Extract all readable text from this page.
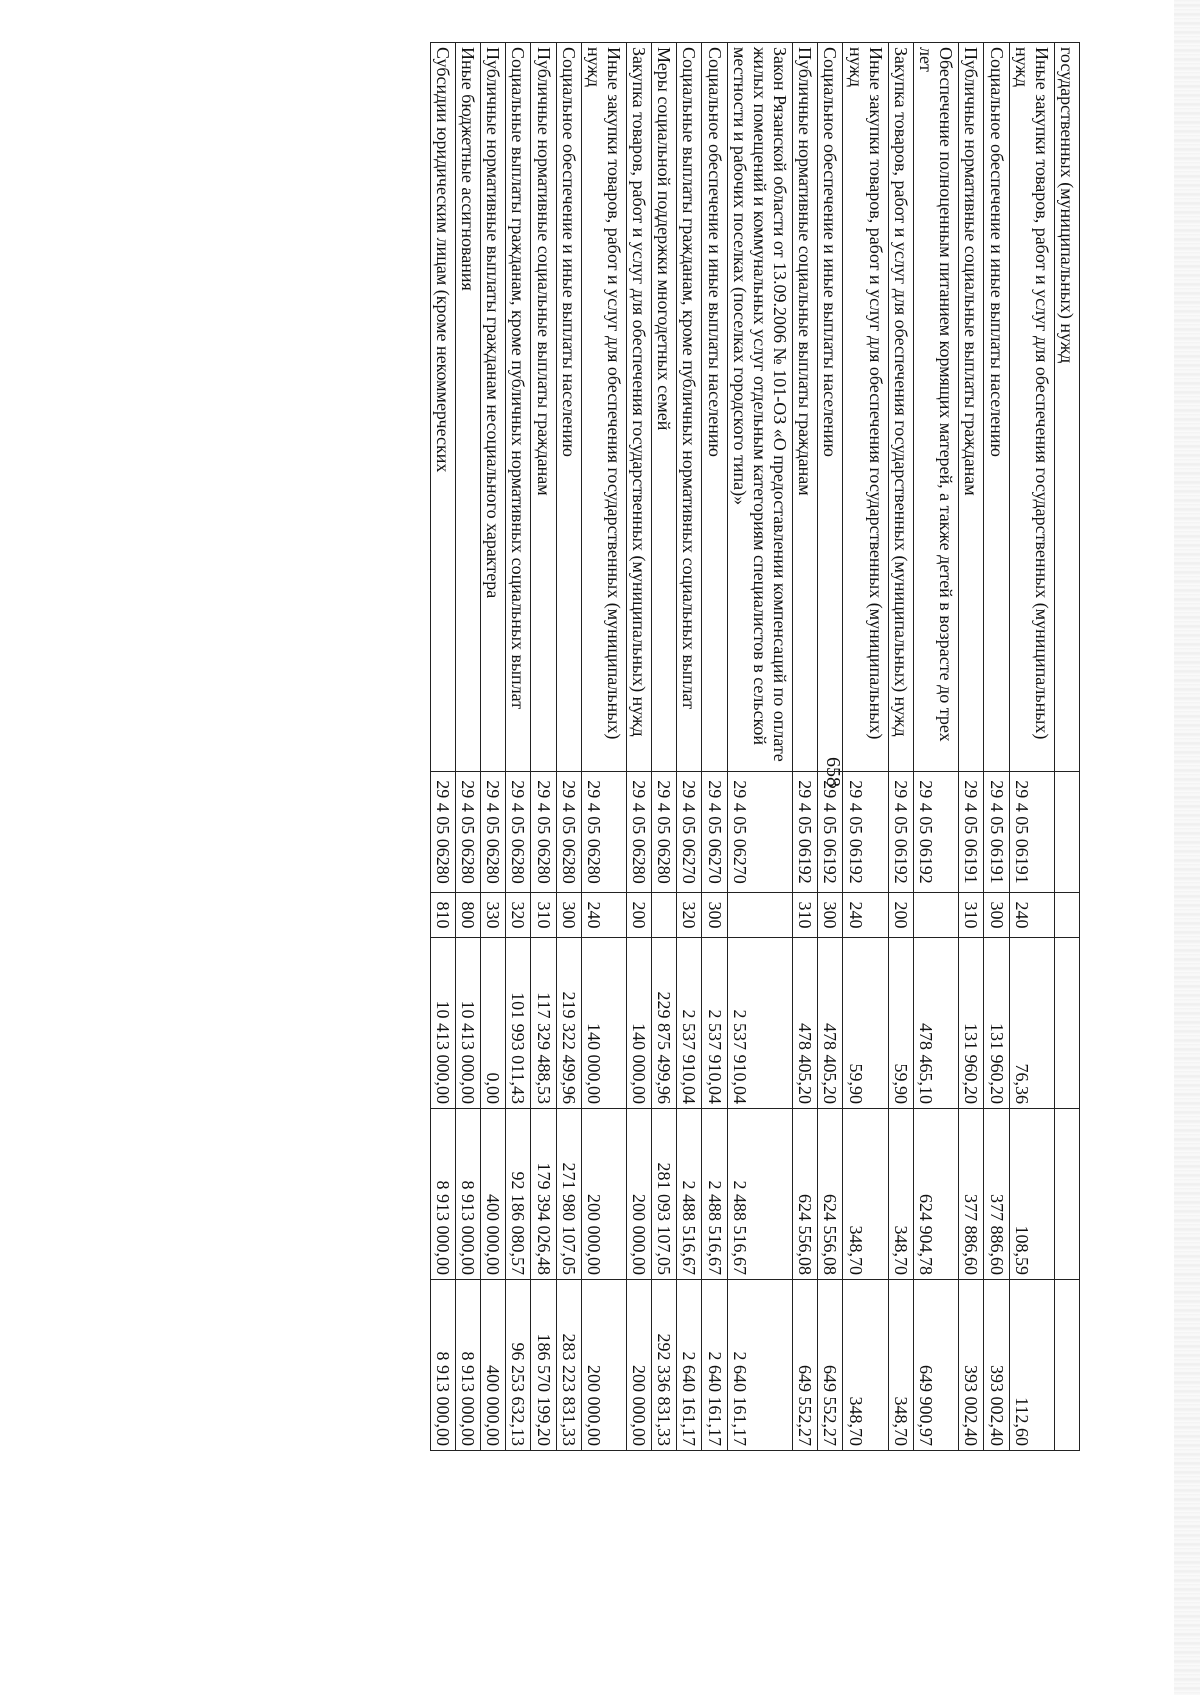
658
государственных (муниципальных) нужд					
Иные закупки товаров, работ и услуг для обеспечения государственных (муниципальных) нужд	29 4 05 06191	240	76,36	108,59	112,60
Социальное обеспечение и иные выплаты населению	29 4 05 06191	300	131 960,20	377 886,60	393 002,40
Публичные нормативные социальные выплаты гражданам	29 4 05 06191	310	131 960,20	377 886,60	393 002,40
Обеспечение полноценным питанием кормящих матерей, а также детей в возрасте до трех лет	29 4 05 06192		478 465,10	624 904,78	649 900,97
Закупка товаров, работ и услуг для обеспечения государственных (муниципальных) нужд	29 4 05 06192	200	59,90	348,70	348,70
Иные закупки товаров, работ и услуг для обеспечения государственных (муниципальных) нужд	29 4 05 06192	240	59,90	348,70	348,70
Социальное обеспечение и иные выплаты населению	29 4 05 06192	300	478 405,20	624 556,08	649 552,27
Публичные нормативные социальные выплаты гражданам	29 4 05 06192	310	478 405,20	624 556,08	649 552,27
Закон Рязанской области от 13.09.2006 № 101-ОЗ «О предоставлении компенсаций по оплате жилых помещений и коммунальных услуг отдельным категориям специалистов в сельской местности и рабочих поселках (поселках городского типа)»	29 4 05 06270		2 537 910,04	2 488 516,67	2 640 161,17
Социальное обеспечение и иные выплаты населению	29 4 05 06270	300	2 537 910,04	2 488 516,67	2 640 161,17
Социальные выплаты гражданам, кроме публичных нормативных социальных выплат	29 4 05 06270	320	2 537 910,04	2 488 516,67	2 640 161,17
Меры социальной поддержки многодетных семей	29 4 05 06280		229 875 499,96	281 093 107,05	292 336 831,33
Закупка товаров, работ и услуг для обеспечения государственных (муниципальных) нужд	29 4 05 06280	200	140 000,00	200 000,00	200 000,00
Иные закупки товаров, работ и услуг для обеспечения государственных (муниципальных) нужд	29 4 05 06280	240	140 000,00	200 000,00	200 000,00
Социальное обеспечение и иные выплаты населению	29 4 05 06280	300	219 322 499,96	271 980 107,05	283 223 831,33
Публичные нормативные социальные выплаты гражданам	29 4 05 06280	310	117 329 488,53	179 394 026,48	186 570 199,20
Социальные выплаты гражданам, кроме публичных нормативных социальных выплат	29 4 05 06280	320	101 993 011,43	92 186 080,57	96 253 632,13
Публичные нормативные выплаты гражданам несоциального характера	29 4 05 06280	330	0,00	400 000,00	400 000,00
Иные бюджетные ассигнования	29 4 05 06280	800	10 413 000,00	8 913 000,00	8 913 000,00
Субсидии юридическим лицам (кроме некоммерческих	29 4 05 06280	810	10 413 000,00	8 913 000,00	8 913 000,00
